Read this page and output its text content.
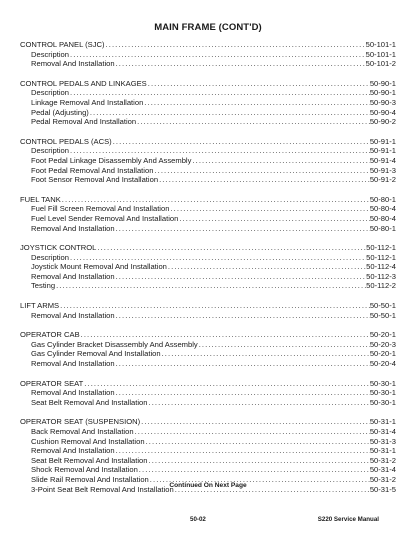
MAIN FRAME (CONT'D)
CONTROL PANEL (SJC) .....	50-101-1
Description .....	50-101-1
Removal And Installation .....	50-101-2
CONTROL PEDALS AND LINKAGES .....	50-90-1
Description .....	50-90-1
Linkage Removal And Installation .....	50-90-3
Pedal (Adjusting) .....	50-90-4
Pedal Removal And Installation .....	50-90-2
CONTROL PEDALS (ACS) .....	50-91-1
Description .....	50-91-1
Foot Pedal Linkage Disassembly And Assembly .....	50-91-4
Foot Pedal Removal And Installation .....	50-91-3
Foot Sensor Removal And Installation .....	50-91-2
FUEL TANK .....	50-80-1
Fuel Fill Screen Removal And Installation .....	50-80-4
Fuel Level Sender Removal And Installation .....	50-80-4
Removal And Installation .....	50-80-1
JOYSTICK CONTROL .....	50-112-1
Description .....	50-112-1
Joystick Mount Removal And Installation .....	50-112-4
Removal And Installation .....	50-112-3
Testing .....	50-112-2
LIFT ARMS .....	50-50-1
Removal And Installation .....	50-50-1
OPERATOR CAB .....	50-20-1
Gas Cylinder Bracket Disassembly And Assembly .....	50-20-3
Gas Cylinder Removal And Installation .....	50-20-1
Removal And Installation .....	50-20-4
OPERATOR SEAT .....	50-30-1
Removal And Installation .....	50-30-1
Seat Belt Removal And Installation .....	50-30-1
OPERATOR SEAT (SUSPENSION) .....	50-31-1
Back Removal And Installation .....	50-31-4
Cushion Removal And Installation .....	50-31-3
Removal And Installation .....	50-31-1
Seat Belt Removal And Installation .....	50-31-2
Shock Removal And Installation .....	50-31-4
Slide Rail Removal And Installation .....	50-31-2
3-Point Seat Belt Removal And Installation .....	50-31-5
Continued On Next Page
50-02	S220 Service Manual
